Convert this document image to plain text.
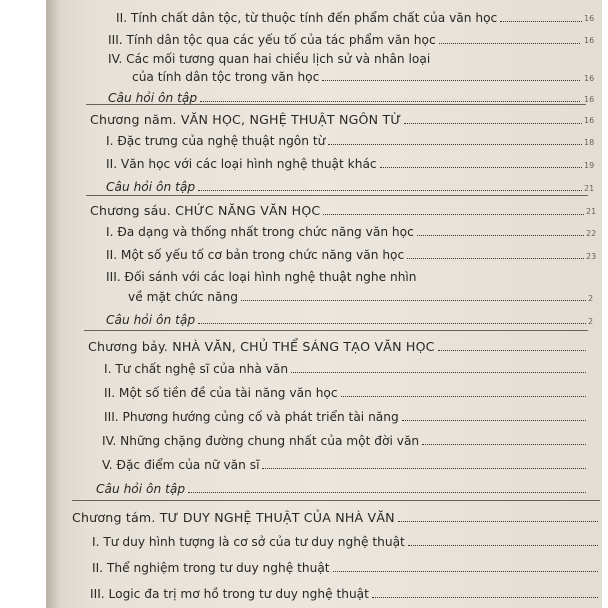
II. Tính chất dân tộc, từ thuộc tính đến phẩm chất của văn học
III. Tính dân tộc qua các yếu tố của tác phẩm văn học
IV. Các mối tương quan hai chiều lịch sử và nhân loại
của tính dân tộc trong văn học
Câu hỏi ôn tập
Chương năm. VĂN HỌC, NGHỆ THUẬT NGÔN TỪ
I. Đặc trưng của nghệ thuật ngôn từ
II. Văn học với các loại hình nghệ thuật khác
Câu hỏi ôn tập
Chương sáu. CHỨC NĂNG VĂN HỌC
I. Đa dạng và thống nhất trong chức năng văn học
II. Một số yếu tố cơ bản trong chức năng văn học
III. Đối sánh với các loại hình nghệ thuật nghe nhìn
về mặt chức năng
Câu hỏi ôn tập
Chương bảy. NHÀ VĂN, CHỦ THỂ SÁNG TẠO VĂN HỌC
I. Tư chất nghệ sĩ của nhà văn
II. Một số tiền đề của tài năng văn học
III. Phương hướng củng cố và phát triển tài năng
IV. Những chặng đường chung nhất của một đời văn
V. Đặc điểm của nữ văn sĩ
Câu hỏi ôn tập
Chương tám. TƯ DUY NGHỆ THUẬT CỦA NHÀ VĂN
I. Tư duy hình tượng là cơ sở của tư duy nghệ thuật
II. Thể nghiệm trong tư duy nghệ thuật
III. Logic đa trị mơ hồ trong tư duy nghệ thuật
16
16
16
16
16
18
19
21
21
22
23
2
2
